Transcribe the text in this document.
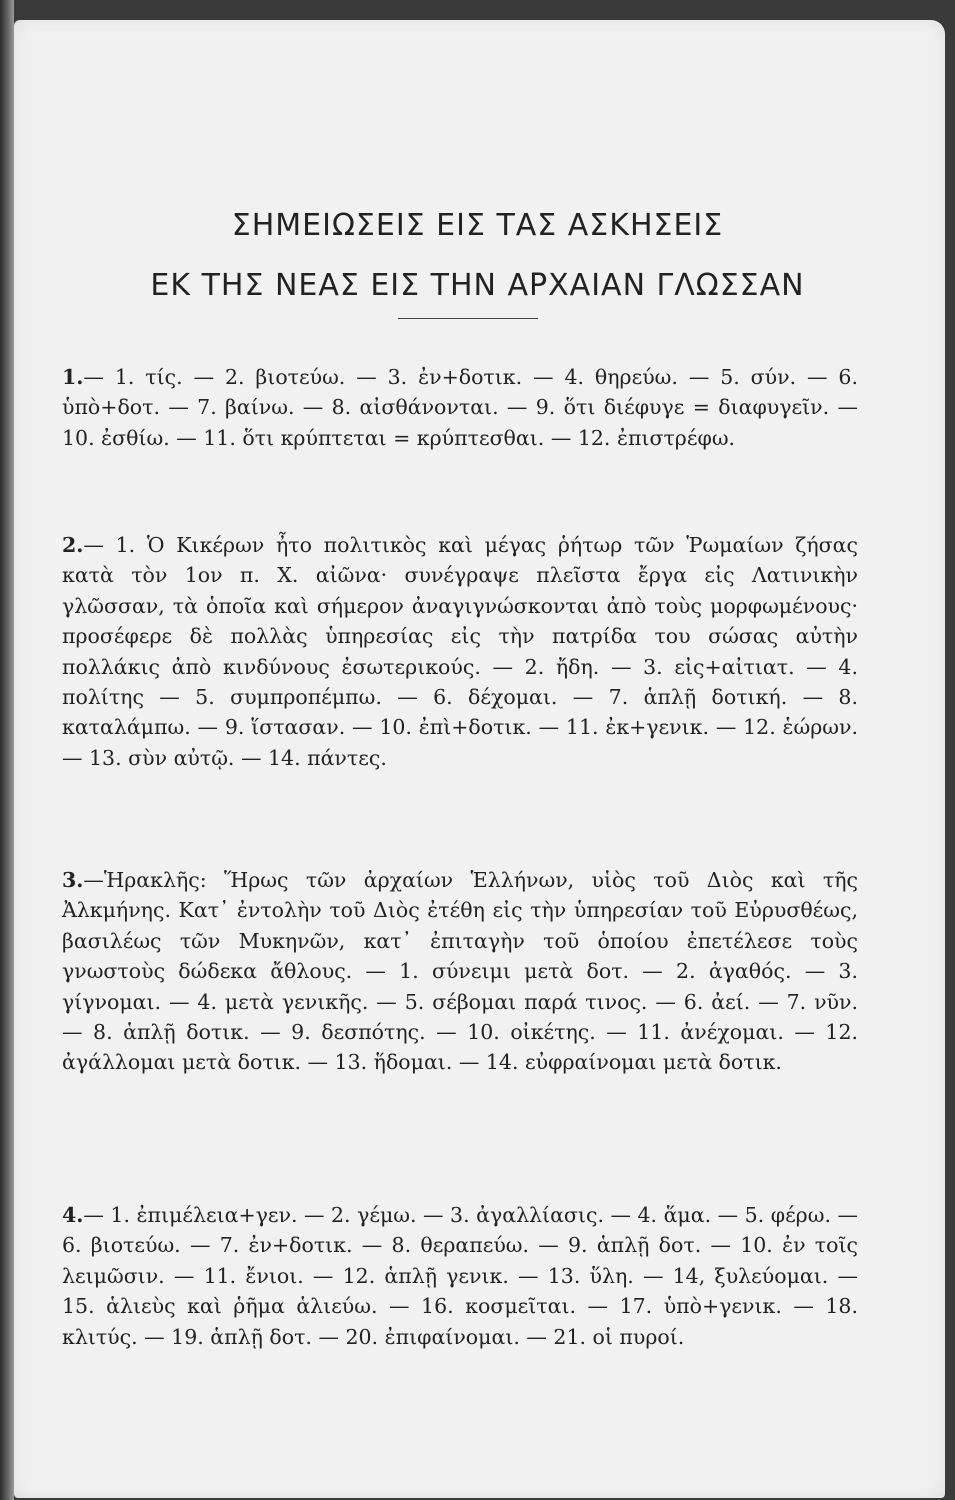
ΣΗΜΕΙΩΣΕΙΣ ΕΙΣ ΤΑΣ ΑΣΚΗΣΕΙΣ
ΕΚ ΤΗΣ ΝΕΑΣ ΕΙΣ ΤΗΝ ΑΡΧΑΙΑΝ ΓΛΩΣΣΑΝ

1.— 1. τίς. — 2. βιοτεύω. — 3. ἐν+δοτικ. — 4. θηρεύω. — 5. σύν. — 6. ὑπὸ+δοτ. — 7. βαίνω. — 8. αἰσθάνονται. — 9. ὅτι διέφυγε = διαφυγεῖν. — 10. ἐσθίω. — 11. ὅτι κρύπτεται = κρύπτεσθαι. — 12. ἐπιστρέφω.

2.— 1. Ὁ Κικέρων ἦτο πολιτικὸς καὶ μέγας ῥήτωρ τῶν Ῥωμαίων ζήσας κατὰ τὸν 1ον π. Χ. αἰῶνα· συνέγραψε πλεῖστα ἔργα εἰς Λατινικὴν γλῶσσαν, τὰ ὁποῖα καὶ σήμερον ἀναγιγνώσκονται ἀπὸ τοὺς μορφωμένους· προσέφερε δὲ πολλὰς ὑπηρεσίας εἰς τὴν πατρίδα του σώσας αὐτὴν πολλάκις ἀπὸ κινδύνους ἐσωτερικούς. — 2. ἤδη. — 3. εἰς+αἰτιατ. — 4. πολίτης — 5. συμπροπέμπω. — 6. δέχομαι. — 7. ἁπλῇ δοτική. — 8. καταλάμπω. — 9. ἵστασαν. — 10. ἐπὶ+δοτικ. — 11. ἐκ+γενικ. — 12. ἑώρων. — 13. σὺν αὐτῷ. — 14. πάντες.

3.—Ἡρακλῆς: Ἥρως τῶν ἀρχαίων Ἑλλήνων, υἱὸς τοῦ Διὸς καὶ τῆς Ἀλκμήνης. Κατ᾽ ἐντολὴν τοῦ Διὸς ἐτέθη εἰς τὴν ὑπηρεσίαν τοῦ Εὐρυσθέως, βασιλέως τῶν Μυκηνῶν, κατ᾽ ἐπιταγὴν τοῦ ὁποίου ἐπετέλεσε τοὺς γνωστοὺς δώδεκα ἄθλους. — 1. σύνειμι μετὰ δοτ. — 2. ἀγαθός. — 3. γίγνομαι. — 4. μετὰ γενικῆς. — 5. σέβομαι παρά τινος. — 6. ἀεί. — 7. νῦν. — 8. ἁπλῇ δοτικ. — 9. δεσπότης. — 10. οἰκέτης. — 11. ἀνέχομαι. — 12. ἀγάλλομαι μετὰ δοτικ. — 13. ἥδομαι. — 14. εὐφραίνομαι μετὰ δοτικ.

4.— 1. ἐπιμέλεια+γεν. — 2. γέμω. — 3. ἀγαλλίασις. — 4. ἅμα. — 5. φέρω. — 6. βιοτεύω. — 7. ἐν+δοτικ. — 8. θεραπεύω. — 9. ἁπλῇ δοτ. — 10. ἐν τοῖς λειμῶσιν. — 11. ἔνιοι. — 12. ἁπλῇ γενικ. — 13. ὕλη. — 14, ξυλεύομαι. — 15. ἁλιεὺς καὶ ῥῆμα ἁλιεύω. — 16. κοσμεῖται. — 17. ὑπὸ+γενικ. — 18. κλιτύς. — 19. ἁπλῇ δοτ. — 20. ἐπιφαίνομαι. — 21. οἱ πυροί.
